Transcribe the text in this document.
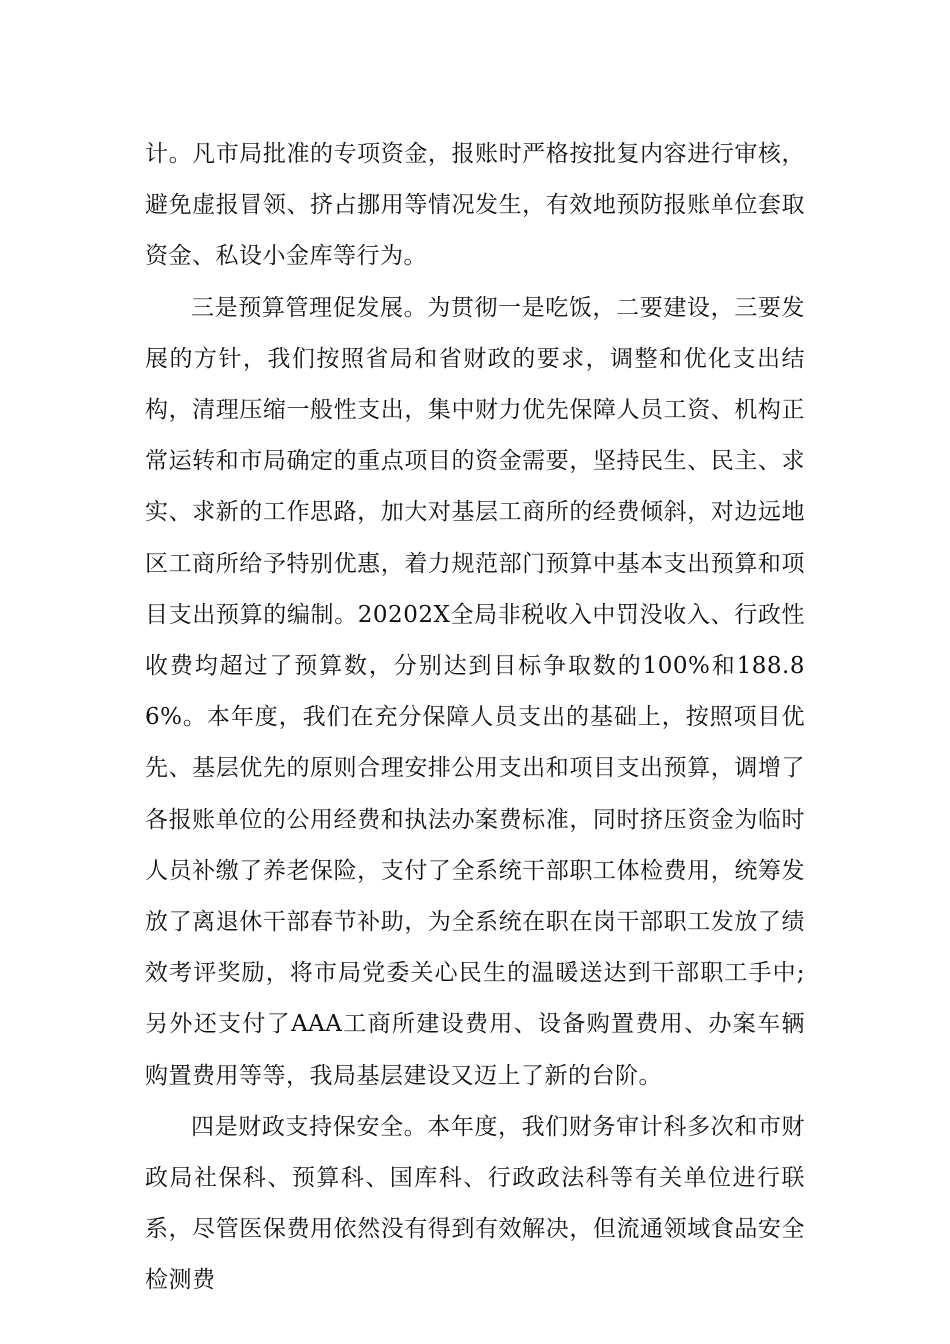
计。凡市局批准的专项资金，报账时严格按批复内容进行审核，避免虚报冒领、挤占挪用等情况发生，有效地预防报账单位套取资金、私设小金库等行为。

三是预算管理促发展。为贯彻一是吃饭，二要建设，三要发展的方针，我们按照省局和省财政的要求，调整和优化支出结构，清理压缩一般性支出，集中财力优先保障人员工资、机构正常运转和市局确定的重点项目的资金需要，坚持民生、民主、求实、求新的工作思路，加大对基层工商所的经费倾斜，对边远地区工商所给予特别优惠，着力规范部门预算中基本支出预算和项目支出预算的编制。20202X全局非税收入中罚没收入、行政性收费均超过了预算数，分别达到目标争取数的100%和188.86%。本年度，我们在充分保障人员支出的基础上，按照项目优先、基层优先的原则合理安排公用支出和项目支出预算，调增了各报账单位的公用经费和执法办案费标准，同时挤压资金为临时人员补缴了养老保险，支付了全系统干部职工体检费用，统筹发放了离退休干部春节补助，为全系统在职在岗干部职工发放了绩效考评奖励，将市局党委关心民生的温暖送达到干部职工手中;另外还支付了AAA工商所建设费用、设备购置费用、办案车辆购置费用等等，我局基层建设又迈上了新的台阶。

四是财政支持保安全。本年度，我们财务审计科多次和市财政局社保科、预算科、国库科、行政政法科等有关单位进行联系，尽管医保费用依然没有得到有效解决，但流通领域食品安全检测费
